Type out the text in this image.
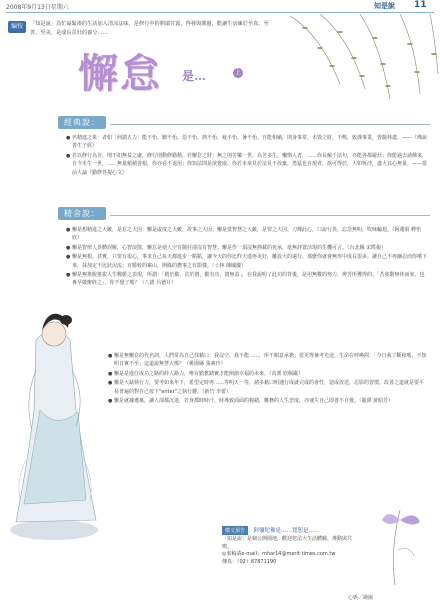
2008年9月13日星期六	知是說 11
編按	「知是說」為忙碌緊湊的生活加入清涼法味，是修行中的開端甘露，啓發與激盪，能讓生活練於至真、至善、至美，是成長茁壯的養分……
懈怠 是…	上
經典說：

● 名精進之果：者如〔何謂五力〕能不怡、聽不怡、惡不怡、熱不怡、疲不怡、暑不怡、自能相續，則身事常，未毀之財，不慳，致謹事業，皆隨林盡。——《佛說善生子經》

● 若以修行為非，則不如無益之處，修行則動修勤精，若懈怠之財；無之則苦樂一世，為苦多生。懶惰人者，……你長解千法句，亦能各都避涯；你能過去諸佛來，自今未生一世，……無量頻積善根，你亦看不退用；你知法則是欲覺取，你若未來見於法見不放棄，勇猛也自現者，捨可得於，大如恆沙，盡大其心無量。——當前大論《勤修菩提心文》

精舍說：

● 懈是想精進之大敵，是怠之大因：懈是虛度之大敵，故事之大因；懈是當智慧之大敵，是罪之大因。刀輝此心，口說行異，忘念無明，吹咏輪迴。（阿蓮昭 釋悟欣）

● 懈是智律人異體誤解，心智浪散，懈怠是使人空有隨莊卻沒有智慧；懈是作一頂沒無熱載的死承，毫無評置活現的生機可言。（台北縣 宋陞俊）

● 懈是無根。甚實，只要有很心，事求自己每天都進步一點點，讓今天的你比昨天進再更好，離設大的遠行，那麼你就會無形中成長很多。讓自己不再綑忍而你嚐下來，抹加定不比狀況流；有勝較的案山，開綠的農事之有限樣。（士林 陳國慶）

● 懈是無推脫推拔人生戰勝之表現，所謂：「精於勤，荒於嬉，勤有功，嬉無益」，在我說明了此功的背後，是用無數的努力，辨苦所獲得的。「苦度階無休而來，也專早敬辦終之」，你不覺了嗎？（八德 呂德月）

● 懈是無懈怠的代名詞，人們常為自己找藉口：我沒空、我不能……，所不順意承擔；當更得兼考光途，生命在呼喚問：「今日我了斷和嗎，不知明日實不至」這道說無慧大嗎？（桃園縣 張素玲）

● 懈是是進往成功之路的絆人路力，唯有勤奮踏實才能開創幸福的未來。（苗栗 欣佩巖）

● 懈是大缺執行力，要考如來年下，希望定時再……等明天一等，諸多藉口明速行成就完成的會性，造成放送，忍影的習慣，改善之道就是要平易普遍的對自己按下"enter"之執行鍵。（新竹 李蕾）

● 懈是就據遺裏，讓人卻都沉迷，若身都時時汗，時導致面面的棉緒，難務的人生悲度，亦速失自己即善不自覺。（龍潭 黃昭芳）

徵文預告 ：阿彌陀佛是……寬恕是……
「知是說」是個公開園地，歡迎您法大生活體驗，導動與共鳴。
◎來稿請e-mail：mhar14@merit-times.com.tw
傳真：（02）87871190
心娛／繪圖
